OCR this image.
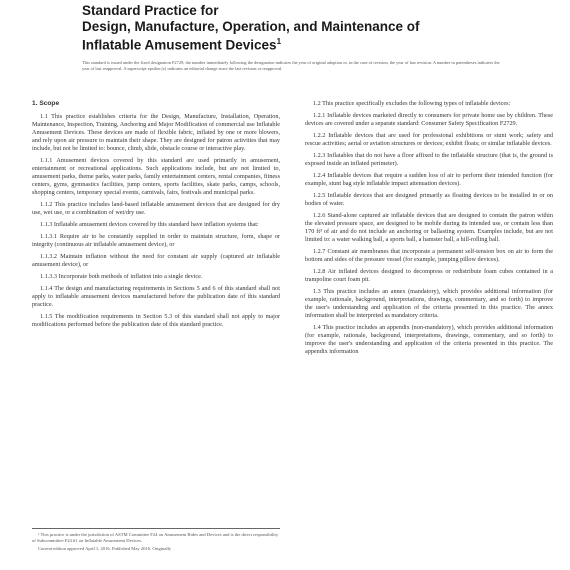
Standard Practice for
Design, Manufacture, Operation, and Maintenance of
Inflatable Amusement Devices$^1$
This standard is issued under the fixed designation F2729; the number immediately following the designation indicates the year of original adoption or, in the case of revision, the year of last revision. A number in parentheses indicates the year of last reapproval. A superscript epsilon (ε) indicates an editorial change since the last revision or reapproval.
1. Scope

1.1 This practice establishes criteria for the Design, Manufacture, Installation, Operation, Maintenance, Inspection, Training, Anchoring and Major Modification of commercial use Inflatable Amusement Devices. These devices are made of flexible fabric, inflated by one or more blowers, and rely upon air pressure to maintain their shape. They are designed for patron activities that may include, but not be limited to: bounce, climb, slide, obstacle course or interactive play.

1.1.1 Amusement devices covered by this standard are used primarily in amusement, entertainment or recreational applications. Such applications include, but are not limited to, amusement parks, theme parks, water parks, family entertainment centers, rental companies, fitness centers, gyms, gymnastics facilities, jump centers, sports facilities, skate parks, camps, schools, shopping centers, temporary special events, carnivals, fairs, festivals and municipal parks.

1.1.2 This practice includes land-based inflatable amusement devices that are designed for dry use, wet use, or a combination of wet/dry use.

1.1.3 Inflatable amusement devices covered by this standard have inflation systems that:

1.1.3.1 Require air to be constantly supplied in order to maintain structure, form, shape or integrity (continuous air inflatable amusement device), or

1.1.3.2 Maintain inflation without the need for constant air supply (captured air inflatable amusement device), or

1.1.3.3 Incorporate both methods of inflation into a single device.

1.1.4 The design and manufacturing requirements in Sections 5 and 6 of this standard shall not apply to inflatable amusement devices manufactured before the publication date of this standard practice.

1.1.5 The modification requirements in Section 5.3 of this standard shall not apply to major modifications performed before the publication date of this standard practice.

1.2 This practice specifically excludes the following types of inflatable devices:

1.2.1 Inflatable devices marketed directly to consumers for private home use by children. These devices are covered under a separate standard: Consumer Safety Specification F2729.

1.2.2 Inflatable devices that are used for professional exhibitions or stunt work; safety and rescue activities; aerial or aviation structures or devices; exhibit floats; or similar inflatable devices.

1.2.3 Inflatables that do not have a floor affixed to the inflatable structure (that is, the ground is exposed inside an inflated perimeter).

1.2.4 Inflatable devices that require a sudden loss of air to perform their intended function (for example, stunt bag style inflatable impact attenuation devices).

1.2.5 Inflatable devices that are designed primarily as floating devices to be installed in or on bodies of water.

1.2.6 Stand-alone captured air inflatable devices that are designed to contain the patron within the elevated pressure space, are designed to be mobile during its intended use, or contain less than 170 ft³ of air and do not include an anchoring or ballasting system. Examples include, but are not limited to: a water walking ball, a sports ball, a hamster ball, a hill-rolling ball.

1.2.7 Constant air membranes that incorporate a permanent self-tension box on air to form the bottom and sides of the pressure vessel (for example, jumping pillow devices).

1.2.8 Air inflated devices designed to decompress or redistribute foam cubes contained in a trampoline court foam pit.

1.3 This practice includes an annex (mandatory), which provides additional information (for example, rationale, background, interpretations, drawings, commentary, and so forth) to improve the user's understanding and application of the criteria presented in this practice. The annex information shall be interpreted as mandatory criteria.

1.4 This practice includes an appendix (non-mandatory), which provides additional information (for example, rationale, background, interpretations, drawings, commentary, and so forth) to improve the user's understanding and application of the criteria presented in this practice. The appendix information

¹ This practice is under the jurisdiction of ASTM Committee F24 on Amusement Rides and Devices and is the direct responsibility of Subcommittee F24.61 on Inflatable Amusement Devices.

Current edition approved April 1, 2016. Published May 2016. Originally
